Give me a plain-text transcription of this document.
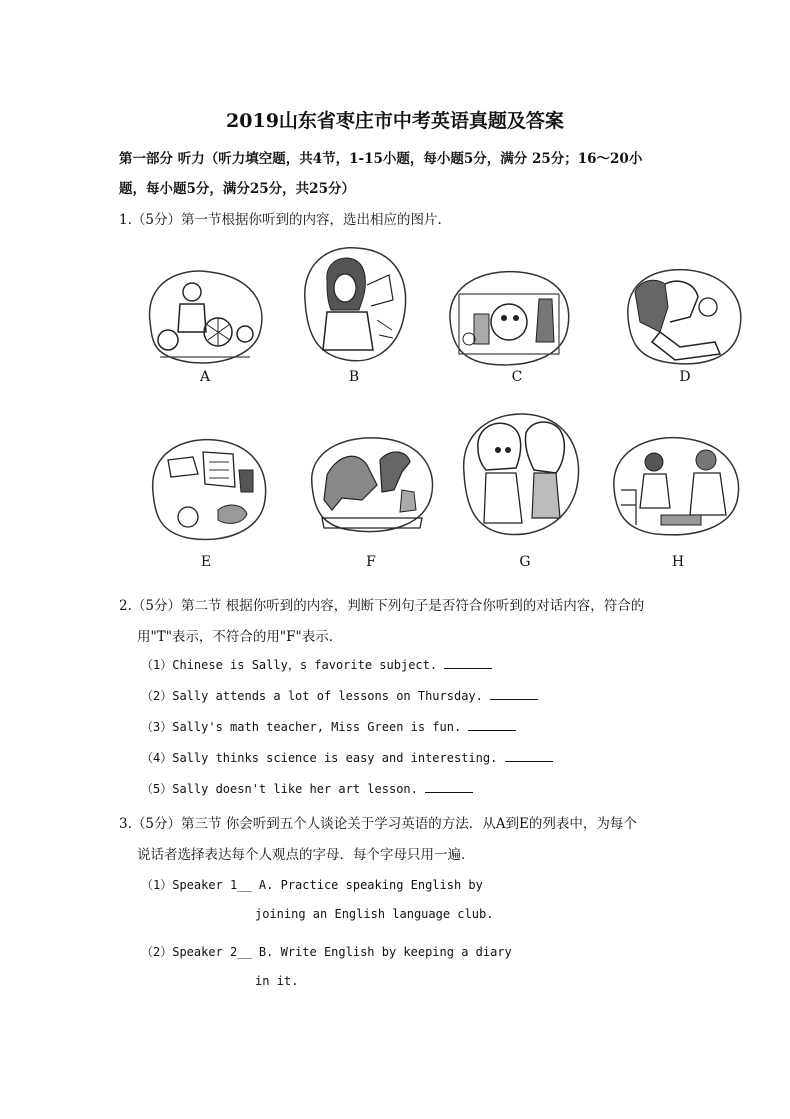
2019山东省枣庄市中考英语真题及答案
第一部分 听力（听力填空题，共4节，1-15小题，每小题5分，满分 25分；16～20小
题，每小题5分，满分25分，共25分）
1.（5分）第一节根据你听到的内容，选出相应的图片．
A	B	C	D
E	F	G	H
2.（5分）第二节 根据你听到的内容，判断下列句子是否符合你听到的对话内容，符合的
用"T"表示，不符合的用"F"表示．
（1）Chinese is Sally，s favorite subject.
（2）Sally attends a lot of lessons on Thursday.
（3）Sally's math teacher, Miss Green is fun.
（4）Sally thinks science is easy and interesting.
（5）Sally doesn't like her art lesson.
3.（5分）第三节 你会听到五个人谈论关于学习英语的方法．从A到E的列表中，为每个
说话者选择表达每个人观点的字母．每个字母只用一遍．
（1）Speaker 1__ A. Practice speaking English by
joining an English language club.
（2）Speaker 2__ B. Write English by keeping a diary
in it.
